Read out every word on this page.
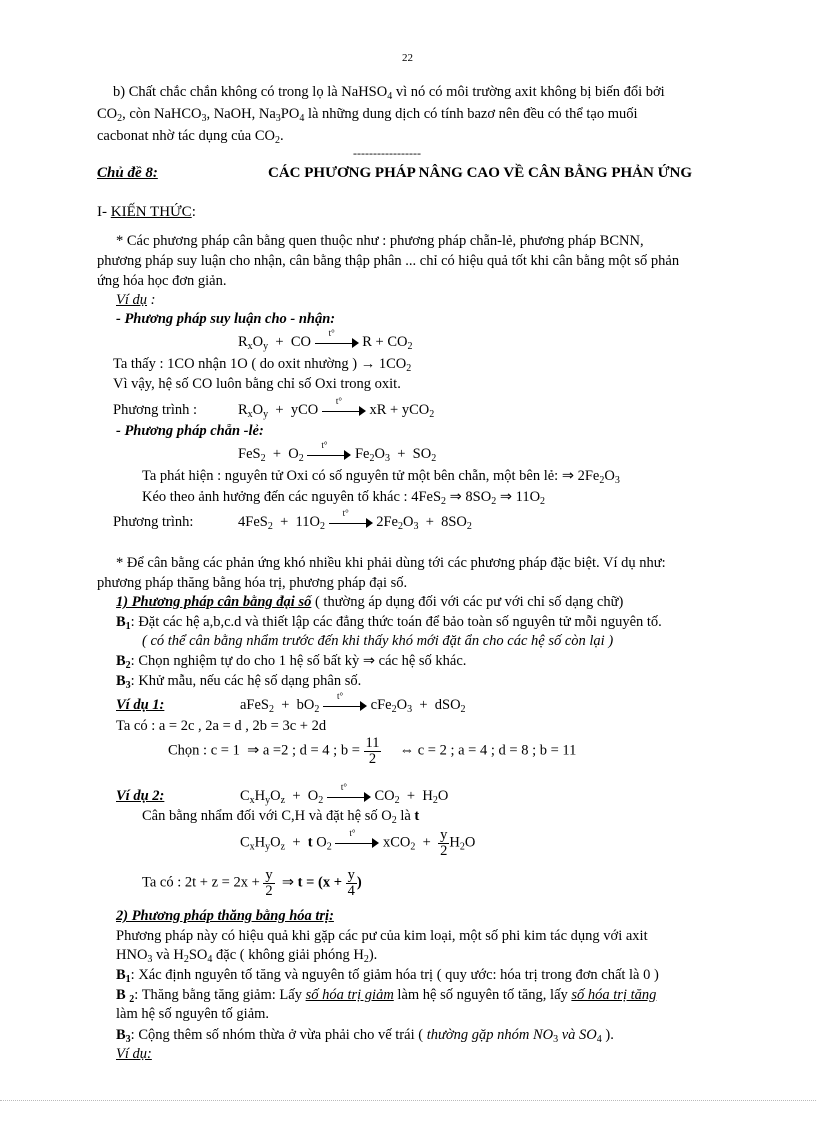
22
b) Chất chắc chắn không có trong lọ là NaHSO$_4$ vì nó có môi trường axit không bị biến đổi bởi
$CO_2$, còn NaHCO$_3$, NaOH, $Na_3PO_4$ là những dung dịch có tính bazơ nên đều có thể tạo muối
cacbonat nhờ tác dụng của $CO_2$.
-----------------
Chủ đề 8:	CÁC PHƯƠNG PHÁP NÂNG CAO VỀ CÂN BẰNG PHẢN ỨNG
I- KIẾN THỨC:
* Các phương pháp cân bằng quen thuộc như : phương pháp chẵn-lẻ, phương pháp BCNN,
phương pháp suy luận cho nhận, cân bằng thập phân ... chỉ có hiệu quả tốt khi cân bằng một số phản
ứng hóa học đơn giản.
Ví dụ :
- Phương pháp suy luận cho - nhận:
$R_xO_y$  +  CO
t°
$R + CO_2$
Ta thấy : 1CO nhận 1O ( do oxit nhường ) → $1CO_2$
Vì vậy, hệ số CO luôn bằng chỉ số Oxi trong oxit.
Phương trình :	$R_xO_y$  +  yCO
t°
xR + yCO$_2$
- Phương pháp chẵn -lẻ:
$FeS_2 + O_2$
t°
$Fe_2O_3 + SO_2$
Ta phát hiện : nguyên tử Oxi có số nguyên tử một bên chẵn, một bên lẻ: ⇒ $2Fe_2O_3$
Kéo theo ảnh hưởng đến các nguyên tố khác : 4FeS$_2$ ⇒ $8SO_2$ ⇒ $11O_2$
Phương trình:	$4FeS_2 + 11O_2$
t°
$2Fe_2O_3 + 8SO_2$
* Để cân bằng các phản ứng khó nhiều khi phải dùng tới các phương pháp đặc biệt. Ví dụ như:
phương pháp thăng bằng hóa trị, phương pháp đại số.
1) Phương pháp cân bằng đại số ( thường áp dụng đối với các pư với chỉ số dạng chữ)
$B_1$: Đặt các hệ a,b,c.d và thiết lập các đẳng thức toán để bảo toàn số nguyên tử mỗi nguyên tố.
( có thể cân bằng nhẩm trước đến khi thấy khó mới đặt ẩn cho các hệ số còn lại )
$B_2$: Chọn nghiệm tự do cho 1 hệ số bất kỳ ⇒ các hệ số khác.
$B_3$: Khử mẫu, nếu các hệ số dạng phân số.
Ví dụ 1:	aFeS$_2$  +  $bO_2$
t°
$cFe_2O_3 + dSO_2$
Ta có : a = 2c , 2a = d , 2b = 3c + 2d
Chọn : c = 1  ⇒ a =2 ; d = 4 ; $b = \frac{11}{2}$ ⇔ c = 2 ; a = 4 ; d = 8 ; b = 11
Ví dụ 2:	$C_xH_yO_z + O_2$
t°
$CO_2 + H_2O$
Cân bằng nhẩm đối với C,H và đặt hệ số $O_2$ là t
$C_xH_yO_z + t$ $O_2$
t°
$xCO_2 + \frac{y}{2} H_2O$
Ta có : $2t + z = 2x + \frac{y}{2}$ ⇒ $t = (x + \frac{y}{4}$ )
2) Phương pháp thăng bằng hóa trị:
Phương pháp này có hiệu quả khi gặp các pư của kim loại, một số phi kim tác dụng với axit
$HNO_3$ và $H_2SO_4$ đặc ( không giải phóng $H_2$).
$B_1$: Xác định nguyên tố tăng và nguyên tố giảm hóa trị ( quy ước: hóa trị trong đơn chất là 0 )
B $_2$: Thăng bằng tăng giảm: Lấy số hóa trị giảm làm hệ số nguyên tố tăng, lấy số hóa trị tăng
làm hệ số nguyên tố giảm.
$B_3$: Cộng thêm số nhóm thừa ở vừa phải cho vế trái ( thường gặp nhóm $NO_3$ và $SO_4$ ).
Ví dụ:
